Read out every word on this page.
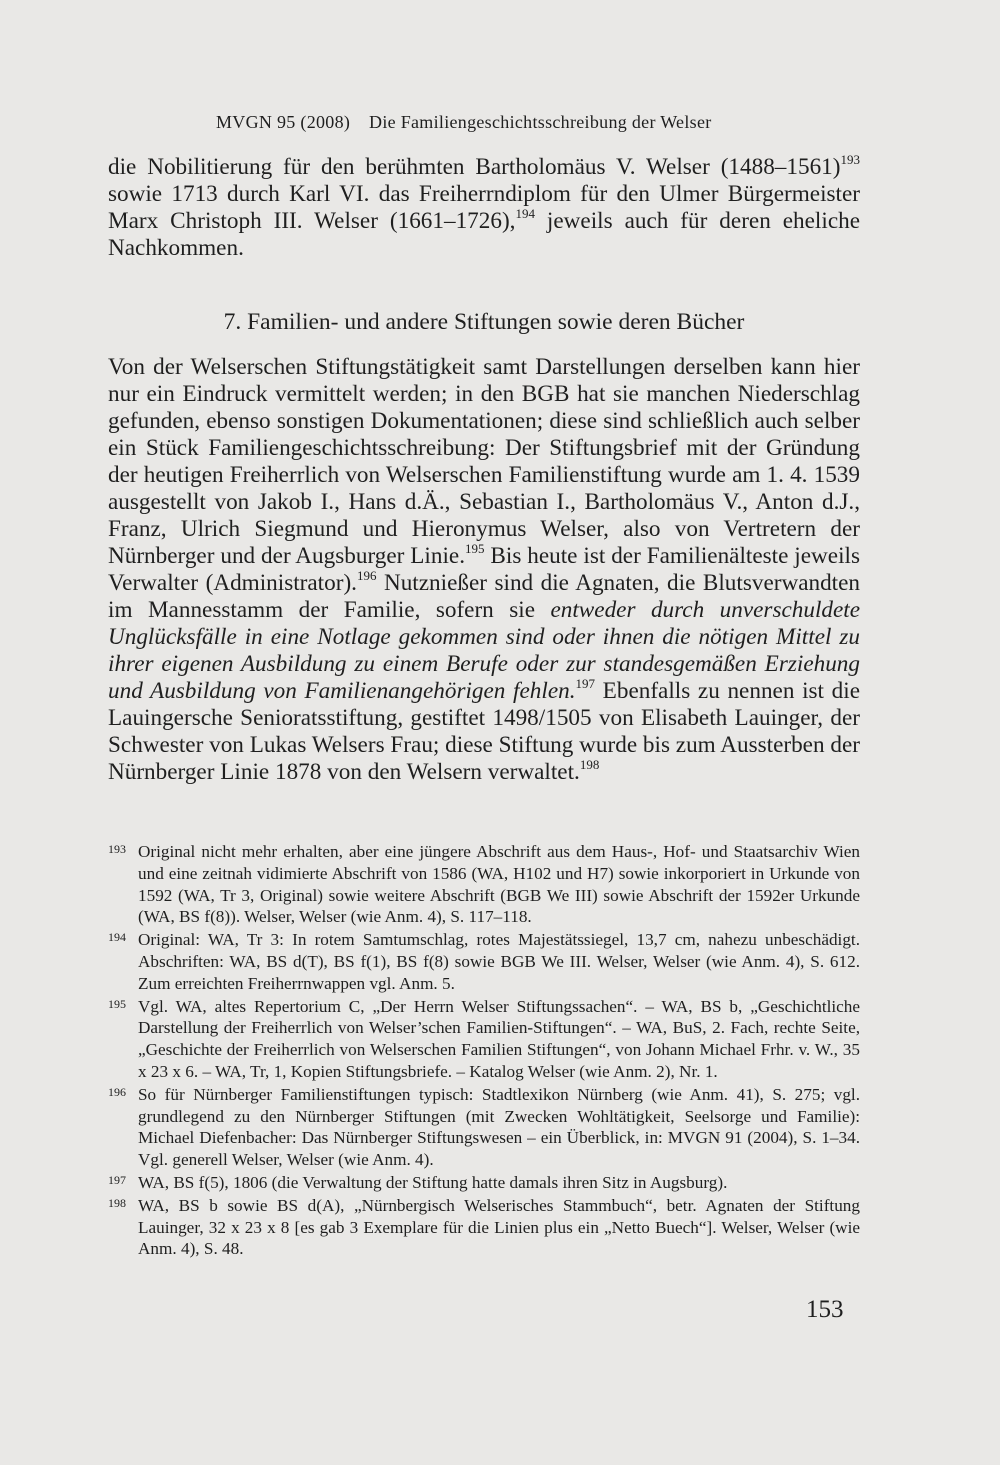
MVGN 95 (2008) Die Familiengeschichtsschreibung der Welser

die Nobilitierung für den berühmten Bartholomäus V. Welser (1488–1561)$^{193}$ sowie 1713 durch Karl VI. das Freiherrndiplom für den Ulmer Bürgermeister Marx Christoph III. Welser (1661–1726),$^{194}$ jeweils auch für deren eheliche Nachkommen.

7. Familien- und andere Stiftungen sowie deren Bücher

Von der Welserschen Stiftungstätigkeit samt Darstellungen derselben kann hier nur ein Eindruck vermittelt werden; in den BGB hat sie manchen Niederschlag gefunden, ebenso sonstigen Dokumentationen; diese sind schließlich auch selber ein Stück Familiengeschichtsschreibung: Der Stiftungsbrief mit der Gründung der heutigen Freiherrlich von Welserschen Familienstiftung wurde am 1. 4. 1539 ausgestellt von Jakob I., Hans d.Ä., Sebastian I., Bartholomäus V., Anton d.J., Franz, Ulrich Siegmund und Hieronymus Welser, also von Vertretern der Nürnberger und der Augsburger Linie.$^{195}$ Bis heute ist der Familienälteste jeweils Verwalter (Administrator).$^{196}$ Nutznießer sind die Agnaten, die Blutsverwandten im Mannesstamm der Familie, sofern sie entweder durch unverschuldete Unglücksfälle in eine Notlage gekommen sind oder ihnen die nötigen Mittel zu ihrer eigenen Ausbildung zu einem Berufe oder zur standesgemäßen Erziehung und Ausbildung von Familienangehörigen fehlen.$^{197}$ Ebenfalls zu nennen ist die Lauingersche Senioratsstiftung, gestiftet 1498/1505 von Elisabeth Lauinger, der Schwester von Lukas Welsers Frau; diese Stiftung wurde bis zum Aussterben der Nürnberger Linie 1878 von den Welsern verwaltet.$^{198}$

193 Original nicht mehr erhalten, aber eine jüngere Abschrift aus dem Haus-, Hof- und Staatsarchiv Wien und eine zeitnah vidimierte Abschrift von 1586 (WA, H102 und H7) sowie inkorporiert in Urkunde von 1592 (WA, Tr 3, Original) sowie weitere Abschrift (BGB We III) sowie Abschrift der 1592er Urkunde (WA, BS f(8)). Welser, Welser (wie Anm. 4), S. 117–118.
194 Original: WA, Tr 3: In rotem Samtumschlag, rotes Majestätssiegel, 13,7 cm, nahezu unbeschädigt. Abschriften: WA, BS d(T), BS f(1), BS f(8) sowie BGB We III. Welser, Welser (wie Anm. 4), S. 612. Zum erreichten Freiherrnwappen vgl. Anm. 5.
195 Vgl. WA, altes Repertorium C, „Der Herrn Welser Stiftungssachen“. – WA, BS b, „Geschichtliche Darstellung der Freiherrlich von Welser’schen Familien-Stiftungen“. – WA, BuS, 2. Fach, rechte Seite, „Geschichte der Freiherrlich von Welserschen Familien Stiftungen“, von Johann Michael Frhr. v. W., 35 x 23 x 6. – WA, Tr, 1, Kopien Stiftungsbriefe. – Katalog Welser (wie Anm. 2), Nr. 1.
196 So für Nürnberger Familienstiftungen typisch: Stadtlexikon Nürnberg (wie Anm. 41), S. 275; vgl. grundlegend zu den Nürnberger Stiftungen (mit Zwecken Wohltätigkeit, Seelsorge und Familie): Michael Diefenbacher: Das Nürnberger Stiftungswesen – ein Überblick, in: MVGN 91 (2004), S. 1–34. Vgl. generell Welser, Welser (wie Anm. 4).
197 WA, BS f(5), 1806 (die Verwaltung der Stiftung hatte damals ihren Sitz in Augsburg).
198 WA, BS b sowie BS d(A), „Nürnbergisch Welserisches Stammbuch“, betr. Agnaten der Stiftung Lauinger, 32 x 23 x 8 [es gab 3 Exemplare für die Linien plus ein „Netto Buech“]. Welser, Welser (wie Anm. 4), S. 48.
153
